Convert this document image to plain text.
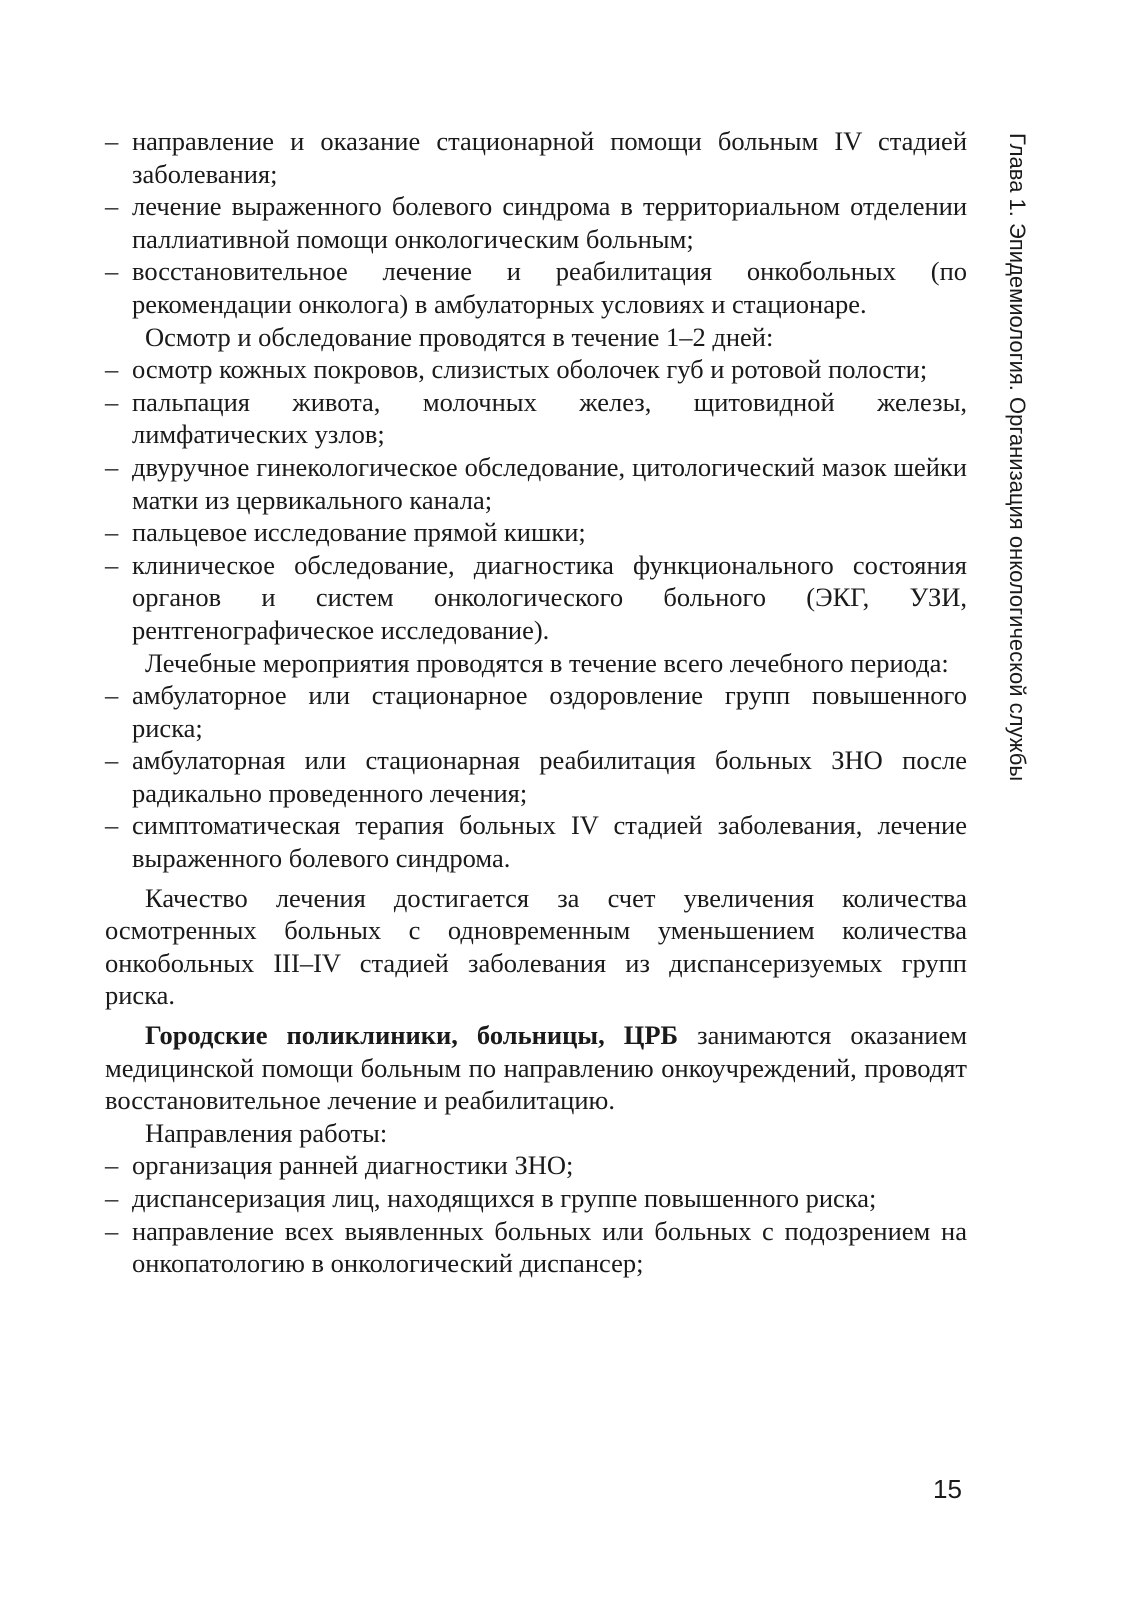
Глава 1. Эпидемиология. Организация онкологической службы

– направление и оказание стационарной помощи больным IV стадией заболевания;

– лечение выраженного болевого синдрома в территориальном отделении паллиативной помощи онкологическим больным;

– восстановительное лечение и реабилитация онкобольных (по рекомендации онколога) в амбулаторных условиях и стационаре.

Осмотр и обследование проводятся в течение 1–2 дней:

– осмотр кожных покровов, слизистых оболочек губ и ротовой полости;

– пальпация живота, молочных желез, щитовидной железы, лимфатических узлов;

– двуручное гинекологическое обследование, цитологический мазок шейки матки из цервикального канала;

– пальцевое исследование прямой кишки;

– клиническое обследование, диагностика функционального состояния органов и систем онкологического больного (ЭКГ, УЗИ, рентгенографическое исследование).

Лечебные мероприятия проводятся в течение всего лечебного периода:

– амбулаторное или стационарное оздоровление групп повышенного риска;

– амбулаторная или стационарная реабилитация больных ЗНО после радикально проведенного лечения;

– симптоматическая терапия больных IV стадией заболевания, лечение выраженного болевого синдрома.

Качество лечения достигается за счет увеличения количества осмотренных больных с одновременным уменьшением количества онкобольных III–IV стадией заболевания из диспансеризуемых групп риска.

Городские поликлиники, больницы, ЦРБ занимаются оказанием медицинской помощи больным по направлению онкоучреждений, проводят восстановительное лечение и реабилитацию.

Направления работы:

– организация ранней диагностики ЗНО;

– диспансеризация лиц, находящихся в группе повышенного риска;

– направление всех выявленных больных или больных с подозрением на онкопатологию в онкологический диспансер;

15
